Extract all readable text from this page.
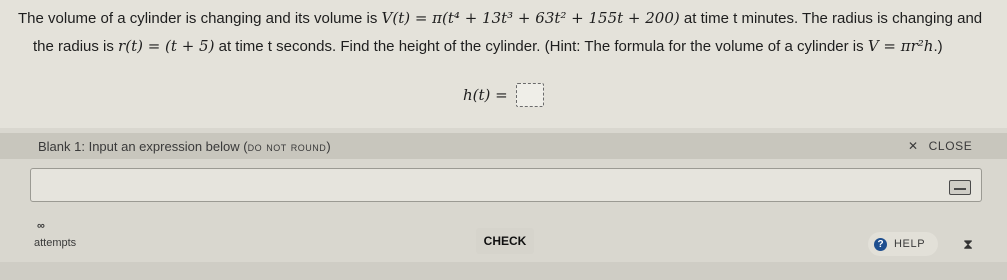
The volume of a cylinder is changing and its volume is V(t) = π(t⁴ + 13t³ + 63t² + 155t + 200) at time t minutes. The radius is changing and
the radius is r(t) = (t + 5) at time t seconds. Find the height of the cylinder. (Hint: The formula for the volume of a cylinder is V = πr²h.)
h(t) =
Blank 1: Input an expression below (do not round)	✕ CLOSE
∞
attempts	CHECK	? HELP	⧗
